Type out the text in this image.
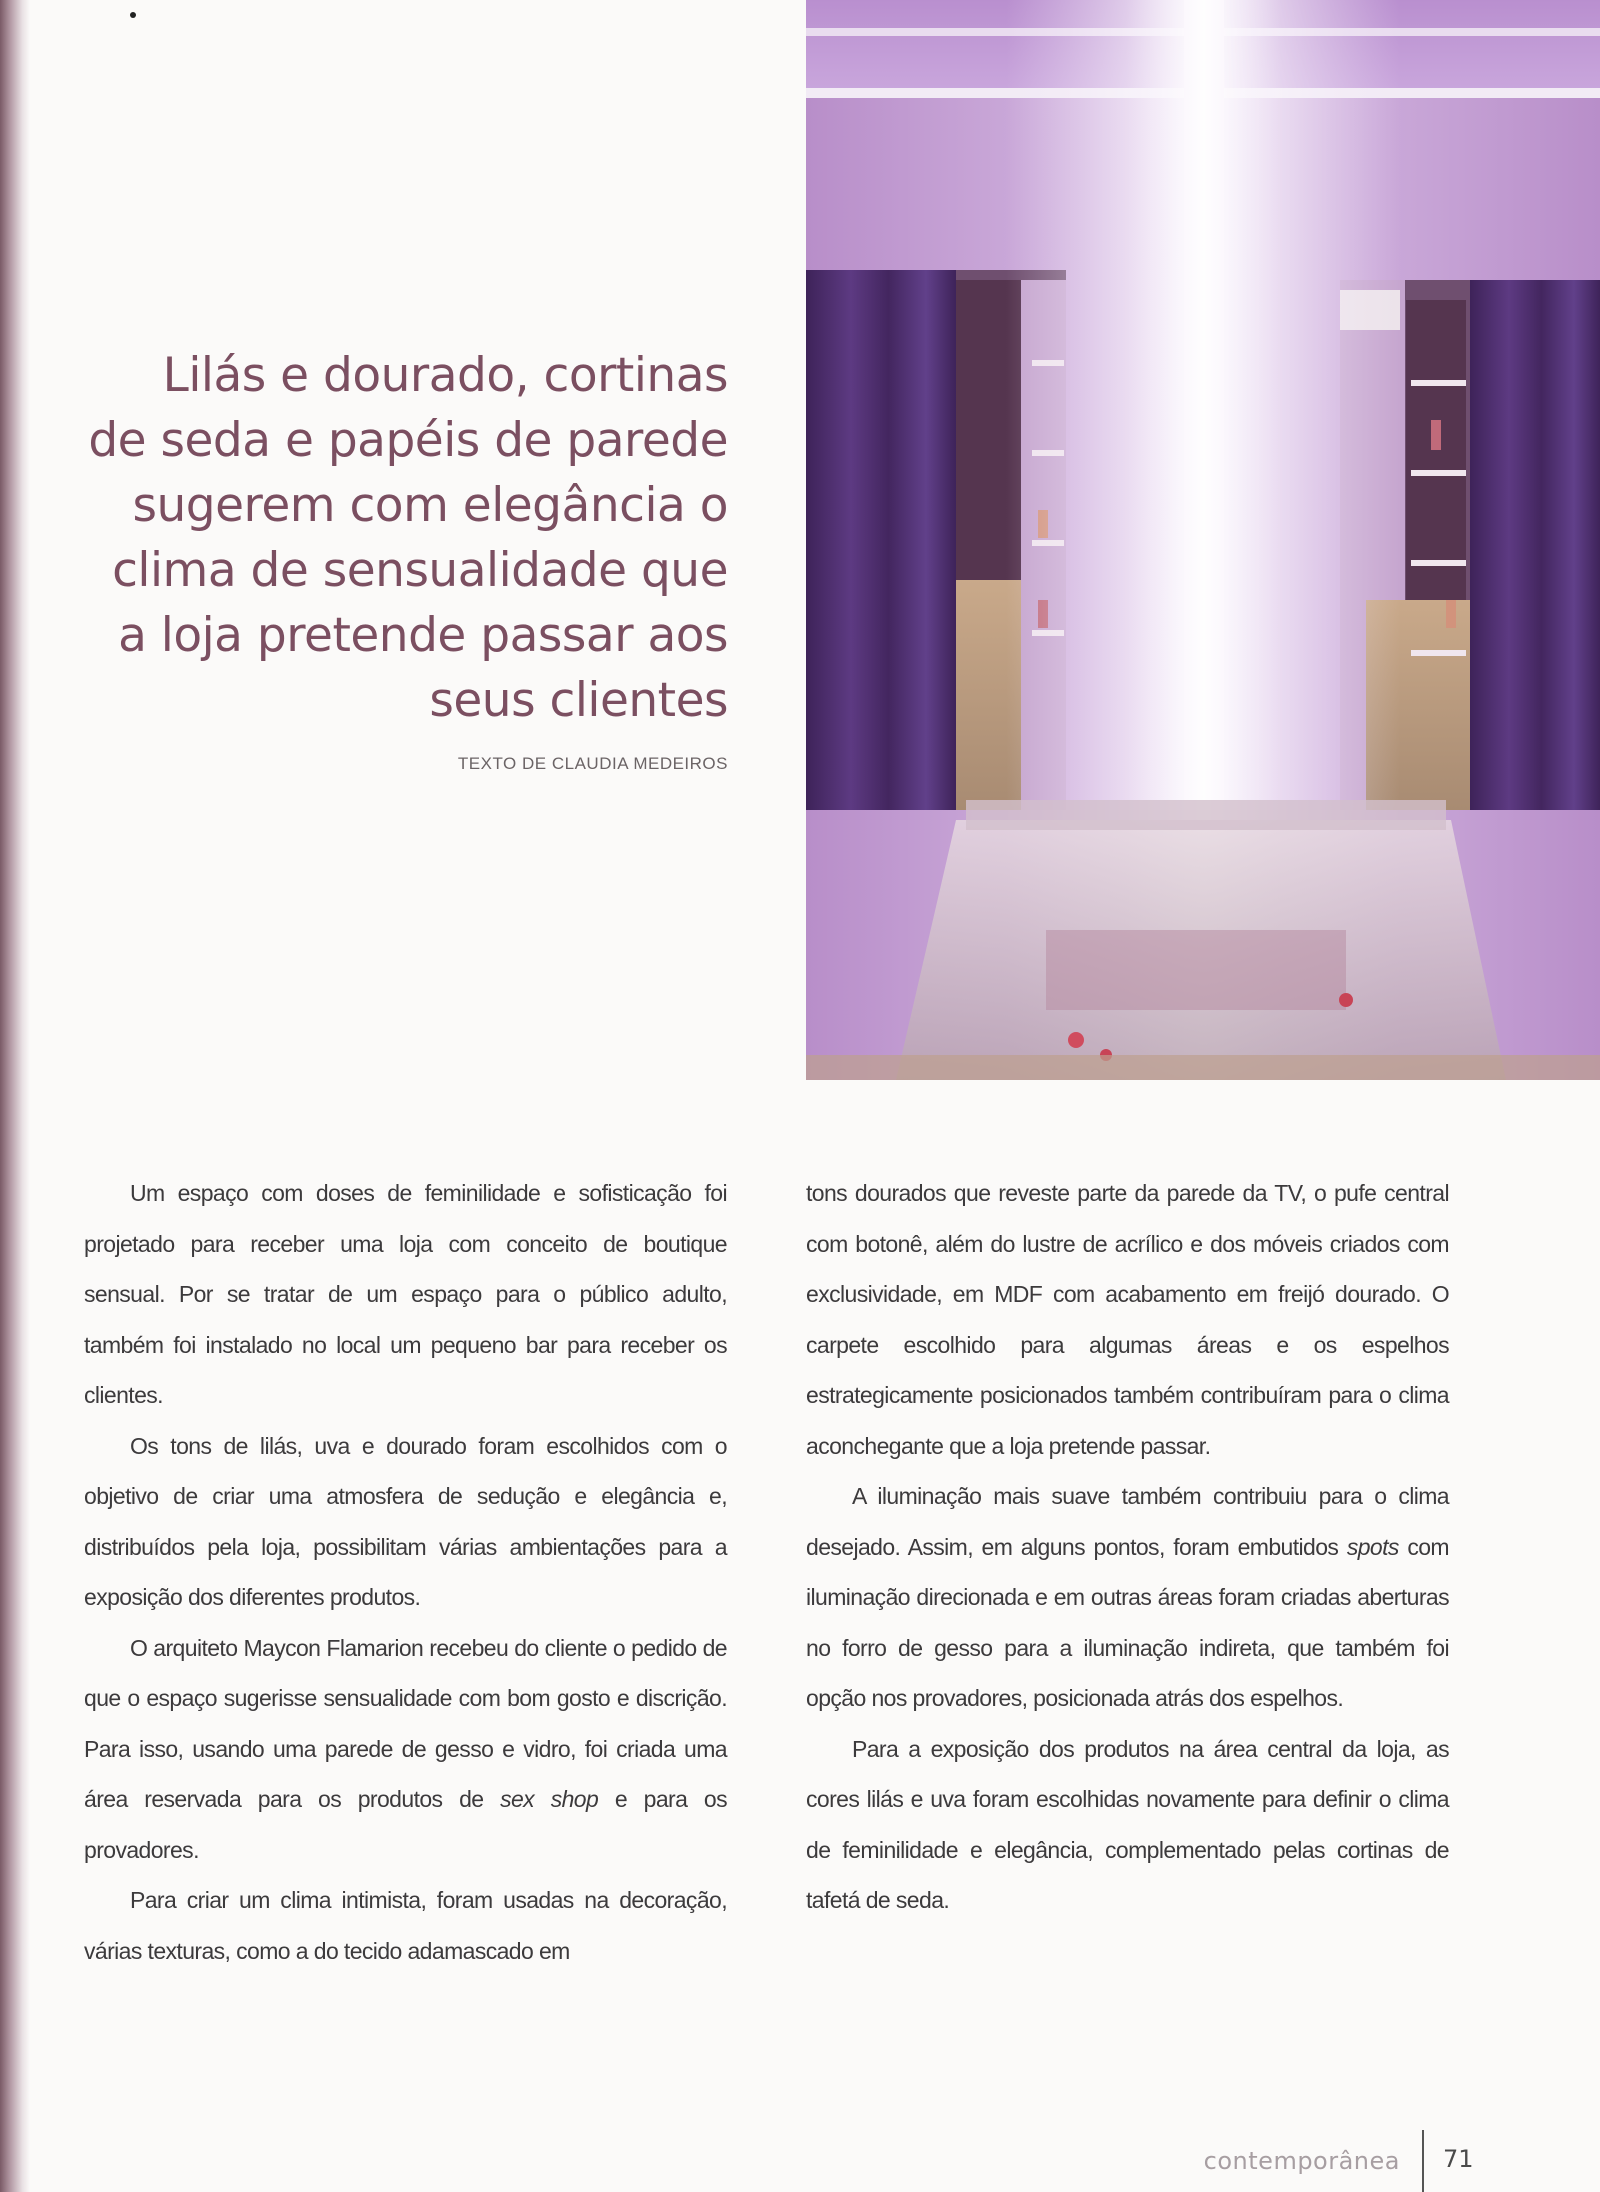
Lilás e dourado, cortinas
de seda e papéis de parede
sugerem com elegância o
clima de sensualidade que
a loja pretende passar aos
seus clientes
TEXTO DE CLAUDIA MEDEIROS

Um espaço com doses de feminilidade e sofisticação foi projetado para receber uma loja com conceito de boutique sensual. Por se tratar de um espaço para o público adulto, também foi instalado no local um pequeno bar para receber os clientes.

Os tons de lilás, uva e dourado foram escolhidos com o objetivo de criar uma atmosfera de sedução e elegância e, distribuídos pela loja, possibilitam várias ambientações para a exposição dos diferentes produtos.

O arquiteto Maycon Flamarion recebeu do cliente o pedido de que o espaço sugerisse sensualidade com bom gosto e discrição. Para isso, usando uma parede de gesso e vidro, foi criada uma área reservada para os produtos de sex shop e para os provadores.

Para criar um clima intimista, foram usadas na decoração, várias texturas, como a do tecido adamascado em

tons dourados que reveste parte da parede da TV, o pufe central com botonê, além do lustre de acrílico e dos móveis criados com exclusividade, em MDF com acabamento em freijó dourado. O carpete escolhido para algumas áreas e os espelhos estrategicamente posicionados também contribuíram para o clima aconchegante que a loja pretende passar.

A iluminação mais suave também contribuiu para o clima desejado. Assim, em alguns pontos, foram embutidos spots com iluminação direcionada e em outras áreas foram criadas aberturas no forro de gesso para a iluminação indireta, que também foi opção nos provadores, posicionada atrás dos espelhos.

Para a exposição dos produtos na área central da loja, as cores lilás e uva foram escolhidas novamente para definir o clima de feminilidade e elegância, complementado pelas cortinas de tafetá de seda.

contemporânea 71
